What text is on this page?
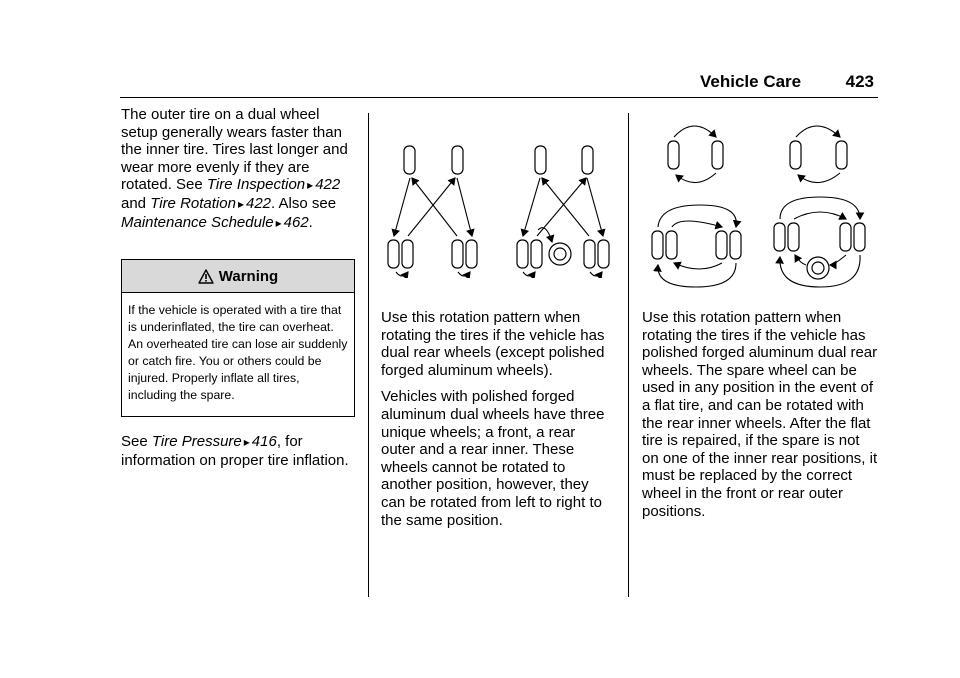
Vehicle Care	423

The outer tire on a dual wheel setup generally wears faster than the inner tire. Tires last longer and wear more evenly if they are rotated. See Tire Inspection ▸ 422 and Tire Rotation ▸ 422. Also see Maintenance Schedule ▸ 462.

Warning
If the vehicle is operated with a tire that is underinflated, the tire can overheat. An overheated tire can lose air suddenly or catch fire. You or others could be injured. Properly inflate all tires, including the spare.
See Tire Pressure ▸ 416, for information on proper tire inflation.

Use this rotation pattern when rotating the tires if the vehicle has dual rear wheels (except polished forged aluminum wheels).

Vehicles with polished forged aluminum dual wheels have three unique wheels; a front, a rear outer and a rear inner. These wheels cannot be rotated to another position, however, they can be rotated from left to right to the same position.

Use this rotation pattern when rotating the tires if the vehicle has polished forged aluminum dual rear wheels. The spare wheel can be used in any position in the event of a flat tire, and can be rotated with the rear inner wheels. After the flat tire is repaired, if the spare is not on one of the inner rear positions, it must be replaced by the correct wheel in the front or rear outer positions.
